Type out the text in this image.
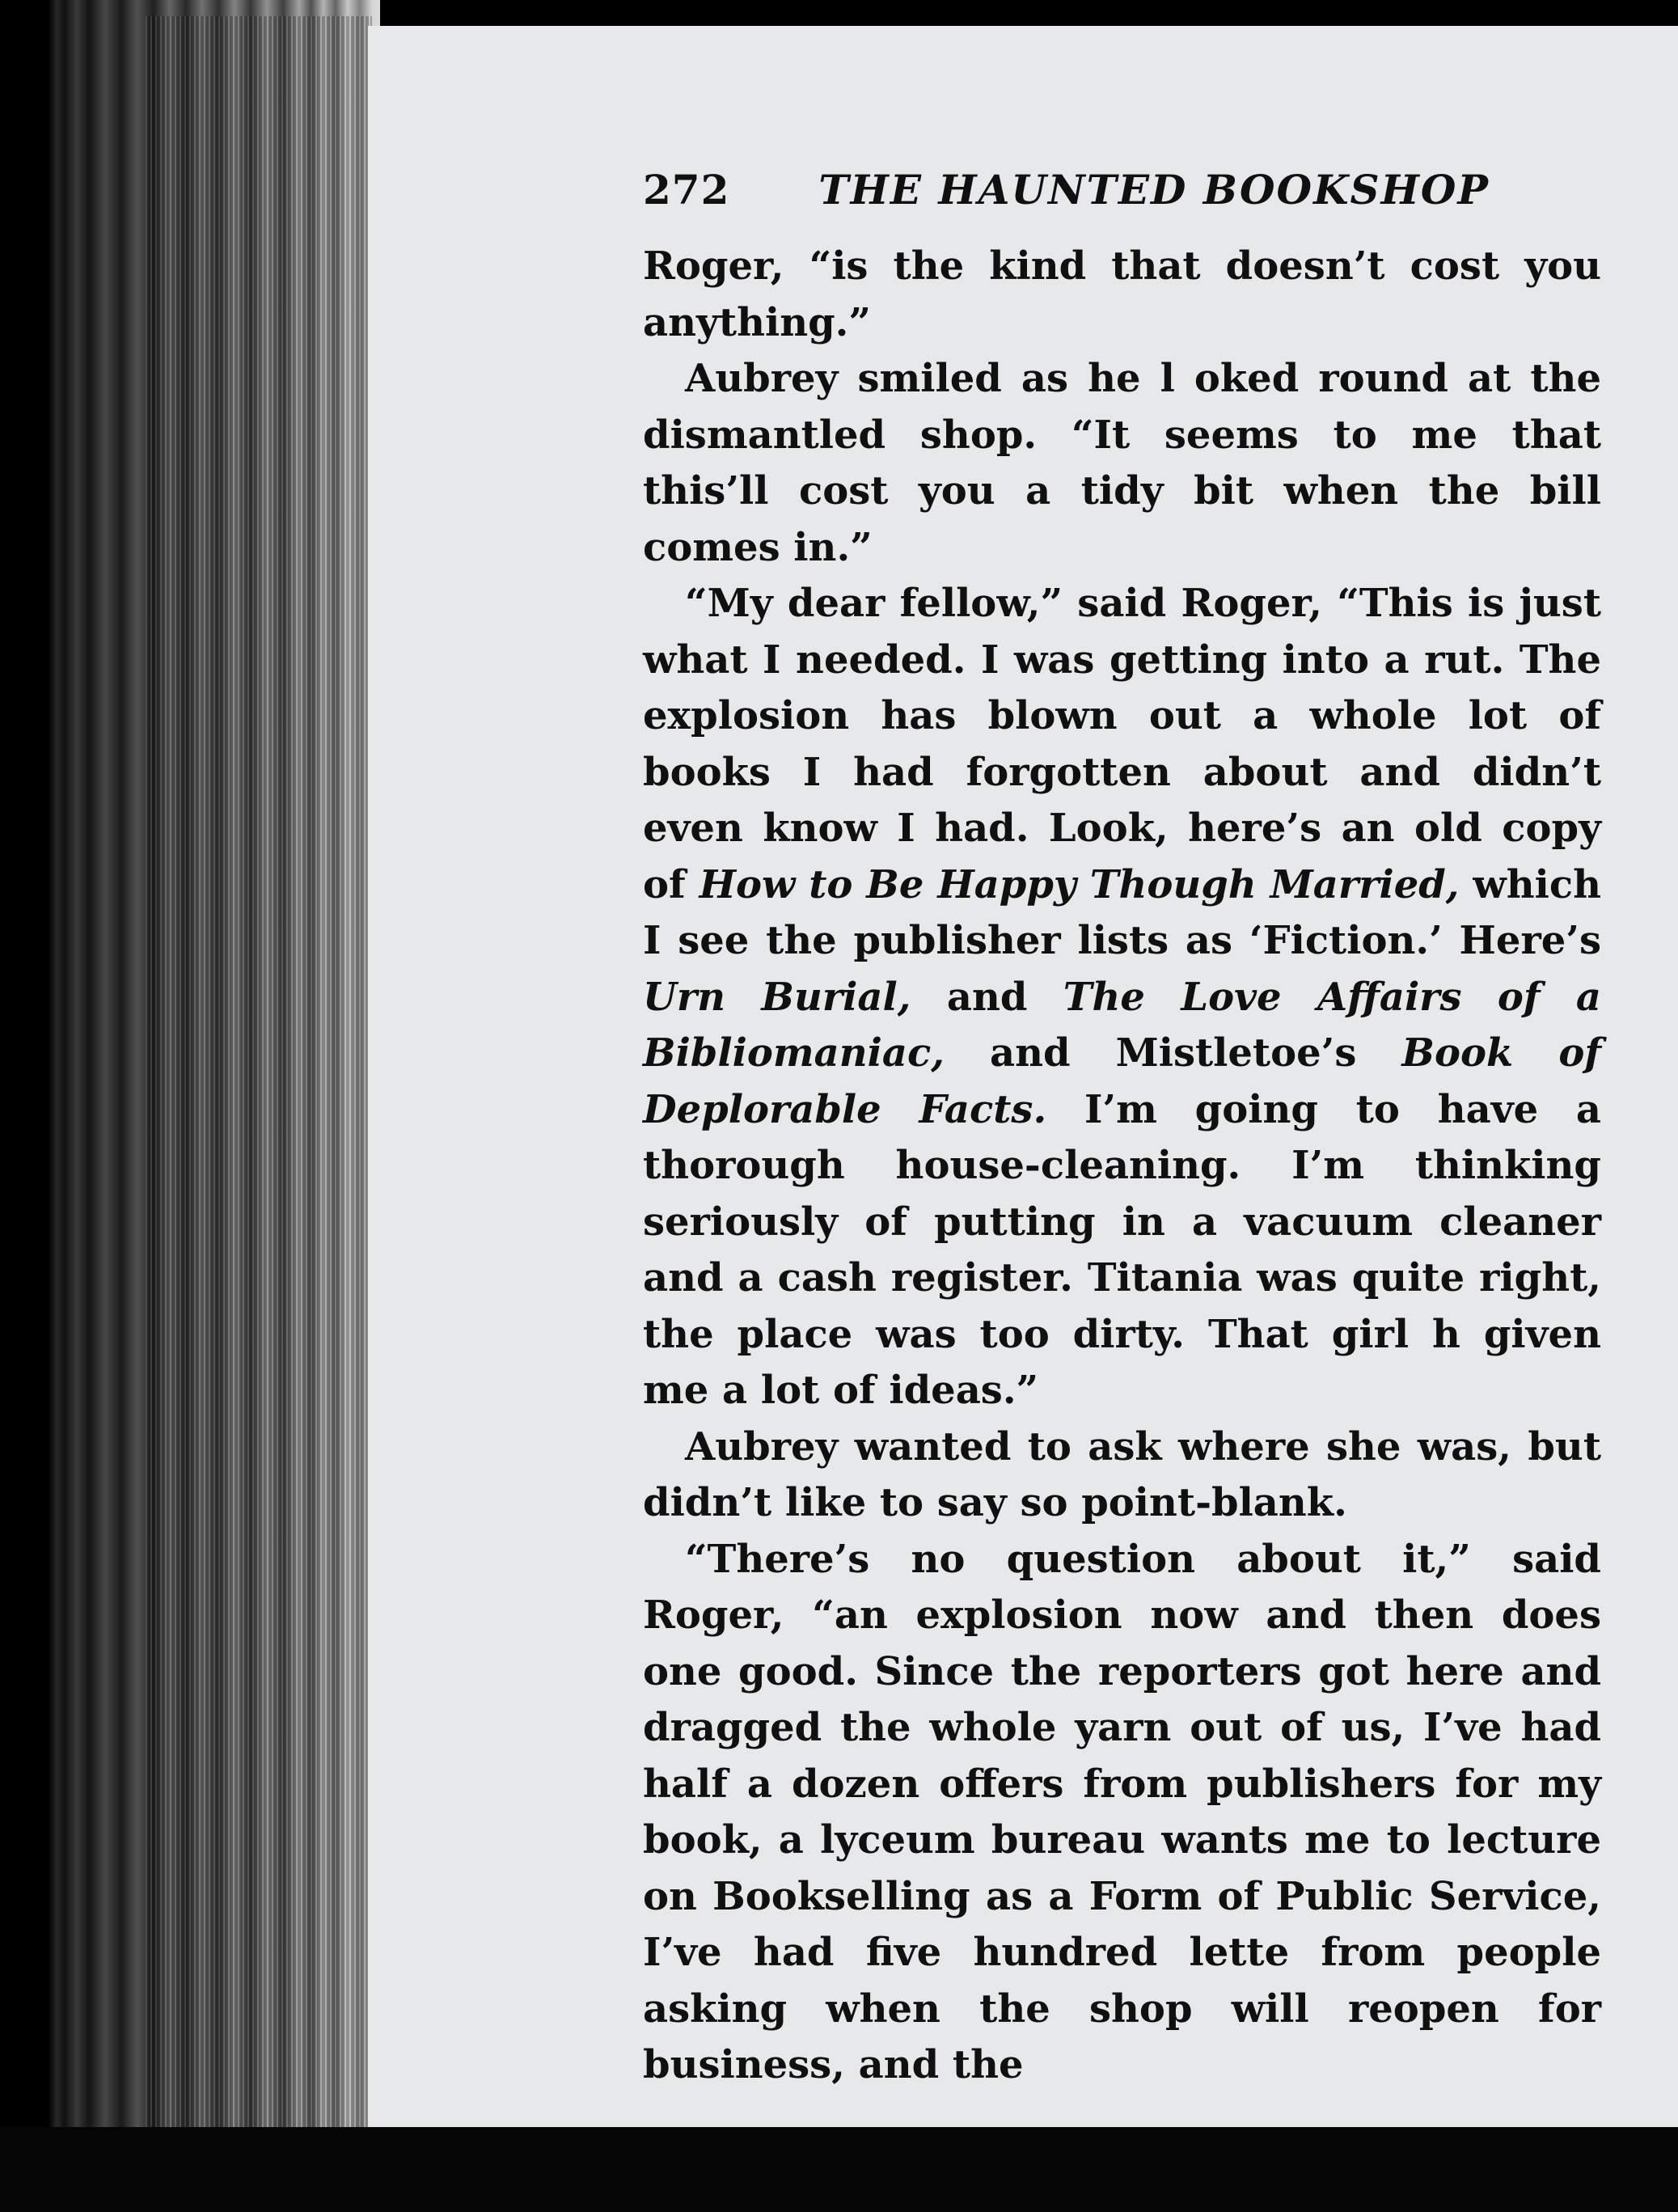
272 THE HAUNTED BOOKSHOP

Roger, “is the kind that doesn’t cost you anything.”

Aubrey smiled as he l oked round at the dismantled shop. “It seems to me that this’ll cost you a tidy bit when the bill comes in.”

“My dear fellow,” said Roger, “This is just what I needed. I was getting into a rut. The explosion has blown out a whole lot of books I had forgotten about and didn’t even know I had. Look, here’s an old copy of How to Be Happy Though Married, which I see the publisher lists as ‘Fiction.’ Here’s Urn Burial, and The Love Affairs of a Bibliomaniac, and Mistletoe’s Book of Deplorable Facts. I’m going to have a thorough house-cleaning. I’m thinking seriously of putting in a vacuum cleaner and a cash register. Titania was quite right, the place was too dirty. That girl h given me a lot of ideas.”

Aubrey wanted to ask where she was, but didn’t like to say so point-blank.

“There’s no question about it,” said Roger, “an explosion now and then does one good. Since the reporters got here and dragged the whole yarn out of us, I’ve had half a dozen offers from publishers for my book, a lyceum bureau wants me to lecture on Bookselling as a Form of Public Service, I’ve had five hundred lette from people asking when the shop will reopen for business, and the
